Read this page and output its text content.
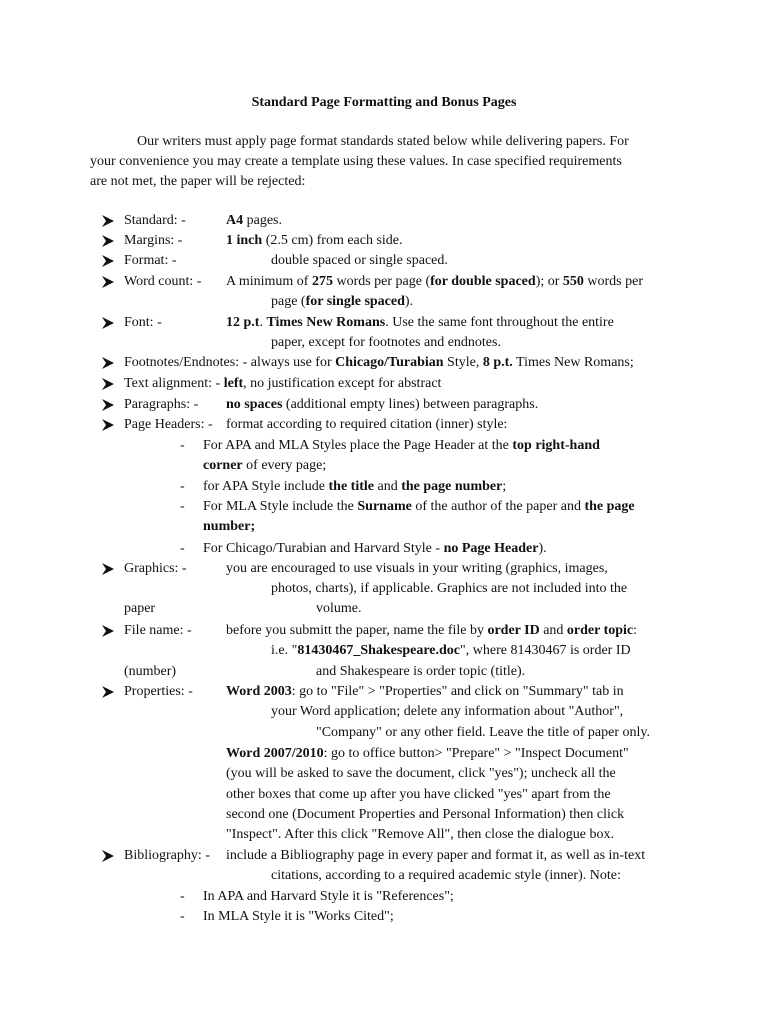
Standard Page Formatting and Bonus Pages
Our writers must apply page format standards stated below while delivering papers. For
your convenience you may create a template using these values. In case specified requirements
are not met, the paper will be rejected:
Standard: -	A4 pages.
Margins: -	1 inch (2.5 cm) from each side.
Format: -	double spaced or single spaced.
Word count: - A minimum of 275 words per page (for double spaced); or 550 words per
page (for single spaced).
Font: -	12 p.t. Times New Romans. Use the same font throughout the entire
paper, except for footnotes and endnotes.
Footnotes/Endnotes: - always use for Chicago/Turabian Style, 8 p.t. Times New Romans;
Text alignment: - left, no justification except for abstract
Paragraphs: - no spaces (additional empty lines) between paragraphs.
Page Headers: - format according to required citation (inner) style:
- For APA and MLA Styles place the Page Header at the top right-hand
corner of every page;
- for APA Style include the title and the page number;
- For MLA Style include the Surname of the author of the paper and the page
number;
- For Chicago/Turabian and Harvard Style - no Page Header).
Graphics: -	you are encouraged to use visuals in your writing (graphics, images,
photos, charts), if applicable. Graphics are not included into the
paper	volume.
File name: - before you submitt the paper, name the file by order ID and order topic:
i.e. "81430467_Shakespeare.doc", where 81430467 is order ID
(number)	and Shakespeare is order topic (title).
Properties: - Word 2003: go to "File" > "Properties" and click on "Summary" tab in
your Word application; delete any information about "Author",
"Company" or any other field. Leave the title of paper only.
Word 2007/2010: go to office button> "Prepare" > "Inspect Document"
(you will be asked to save the document, click "yes"); uncheck all the
other boxes that come up after you have clicked "yes" apart from the
second one (Document Properties and Personal Information) then click
"Inspect". After this click "Remove All", then close the dialogue box.
Bibliography: - include a Bibliography page in every paper and format it, as well as in-text
citations, according to a required academic style (inner). Note:
- In APA and Harvard Style it is "References";
- In MLA Style it is "Works Cited";
